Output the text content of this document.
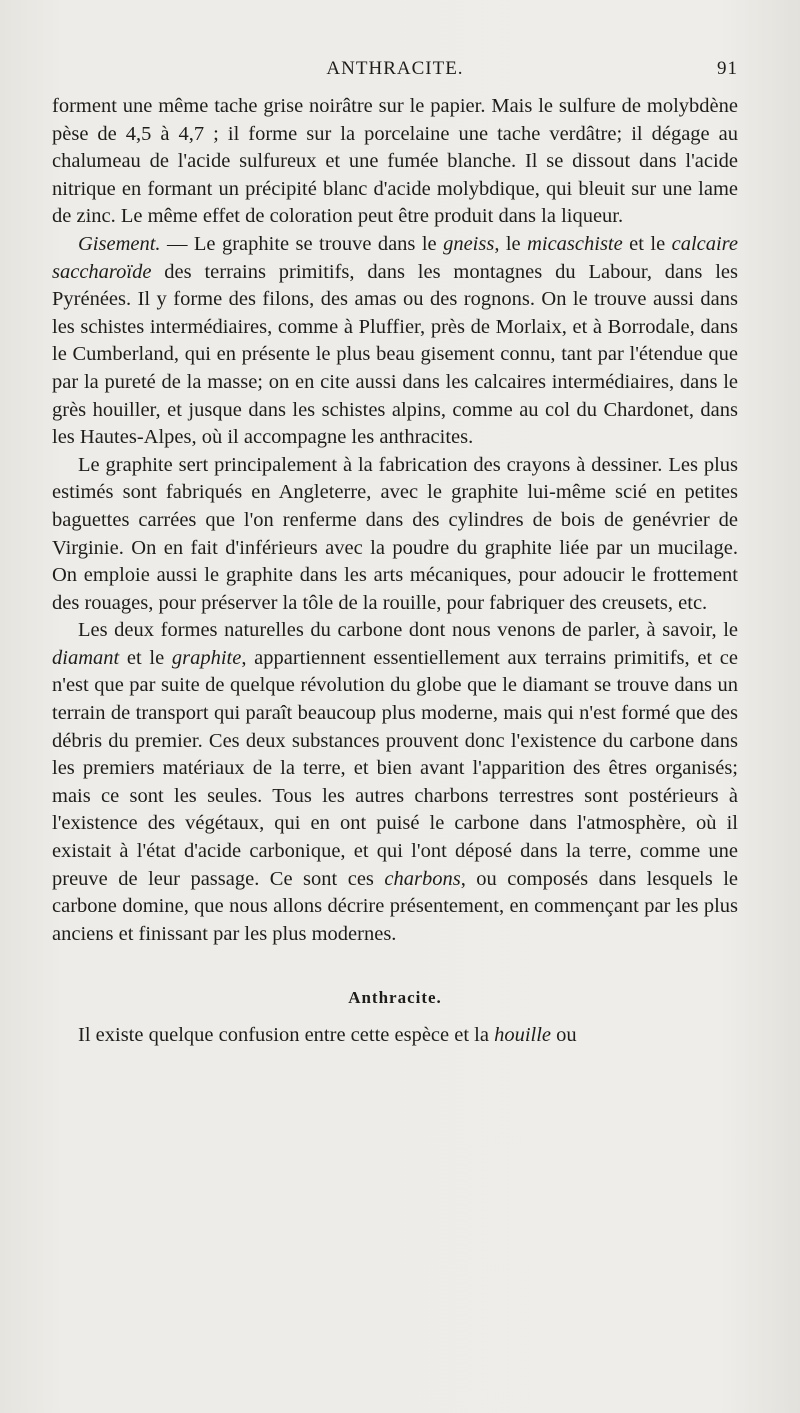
ANTHRACITE.	91

forment une même tache grise noirâtre sur le papier. Mais le sulfure de molybdène pèse de 4,5 à 4,7 ; il forme sur la porcelaine une tache verdâtre; il dégage au chalumeau de l'acide sulfureux et une fumée blanche. Il se dissout dans l'acide nitrique en formant un précipité blanc d'acide molybdique, qui bleuit sur une lame de zinc. Le même effet de coloration peut être produit dans la liqueur.

Gisement. — Le graphite se trouve dans le gneiss, le micaschiste et le calcaire saccharoïde des terrains primitifs, dans les montagnes du Labour, dans les Pyrénées. Il y forme des filons, des amas ou des rognons. On le trouve aussi dans les schistes intermédiaires, comme à Pluffier, près de Morlaix, et à Borrodale, dans le Cumberland, qui en présente le plus beau gisement connu, tant par l'étendue que par la pureté de la masse; on en cite aussi dans les calcaires intermédiaires, dans le grès houiller, et jusque dans les schistes alpins, comme au col du Chardonet, dans les Hautes-Alpes, où il accompagne les anthracites.

Le graphite sert principalement à la fabrication des crayons à dessiner. Les plus estimés sont fabriqués en Angleterre, avec le graphite lui-même scié en petites baguettes carrées que l'on renferme dans des cylindres de bois de genévrier de Virginie. On en fait d'inférieurs avec la poudre du graphite liée par un mucilage. On emploie aussi le graphite dans les arts mécaniques, pour adoucir le frottement des rouages, pour préserver la tôle de la rouille, pour fabriquer des creusets, etc.

Les deux formes naturelles du carbone dont nous venons de parler, à savoir, le diamant et le graphite, appartiennent essentiellement aux terrains primitifs, et ce n'est que par suite de quelque révolution du globe que le diamant se trouve dans un terrain de transport qui paraît beaucoup plus moderne, mais qui n'est formé que des débris du premier. Ces deux substances prouvent donc l'existence du carbone dans les premiers matériaux de la terre, et bien avant l'apparition des êtres organisés; mais ce sont les seules. Tous les autres charbons terrestres sont postérieurs à l'existence des végétaux, qui en ont puisé le carbone dans l'atmosphère, où il existait à l'état d'acide carbonique, et qui l'ont déposé dans la terre, comme une preuve de leur passage. Ce sont ces charbons, ou composés dans lesquels le carbone domine, que nous allons décrire présentement, en commençant par les plus anciens et finissant par les plus modernes.

Anthracite.

Il existe quelque confusion entre cette espèce et la houille ou
